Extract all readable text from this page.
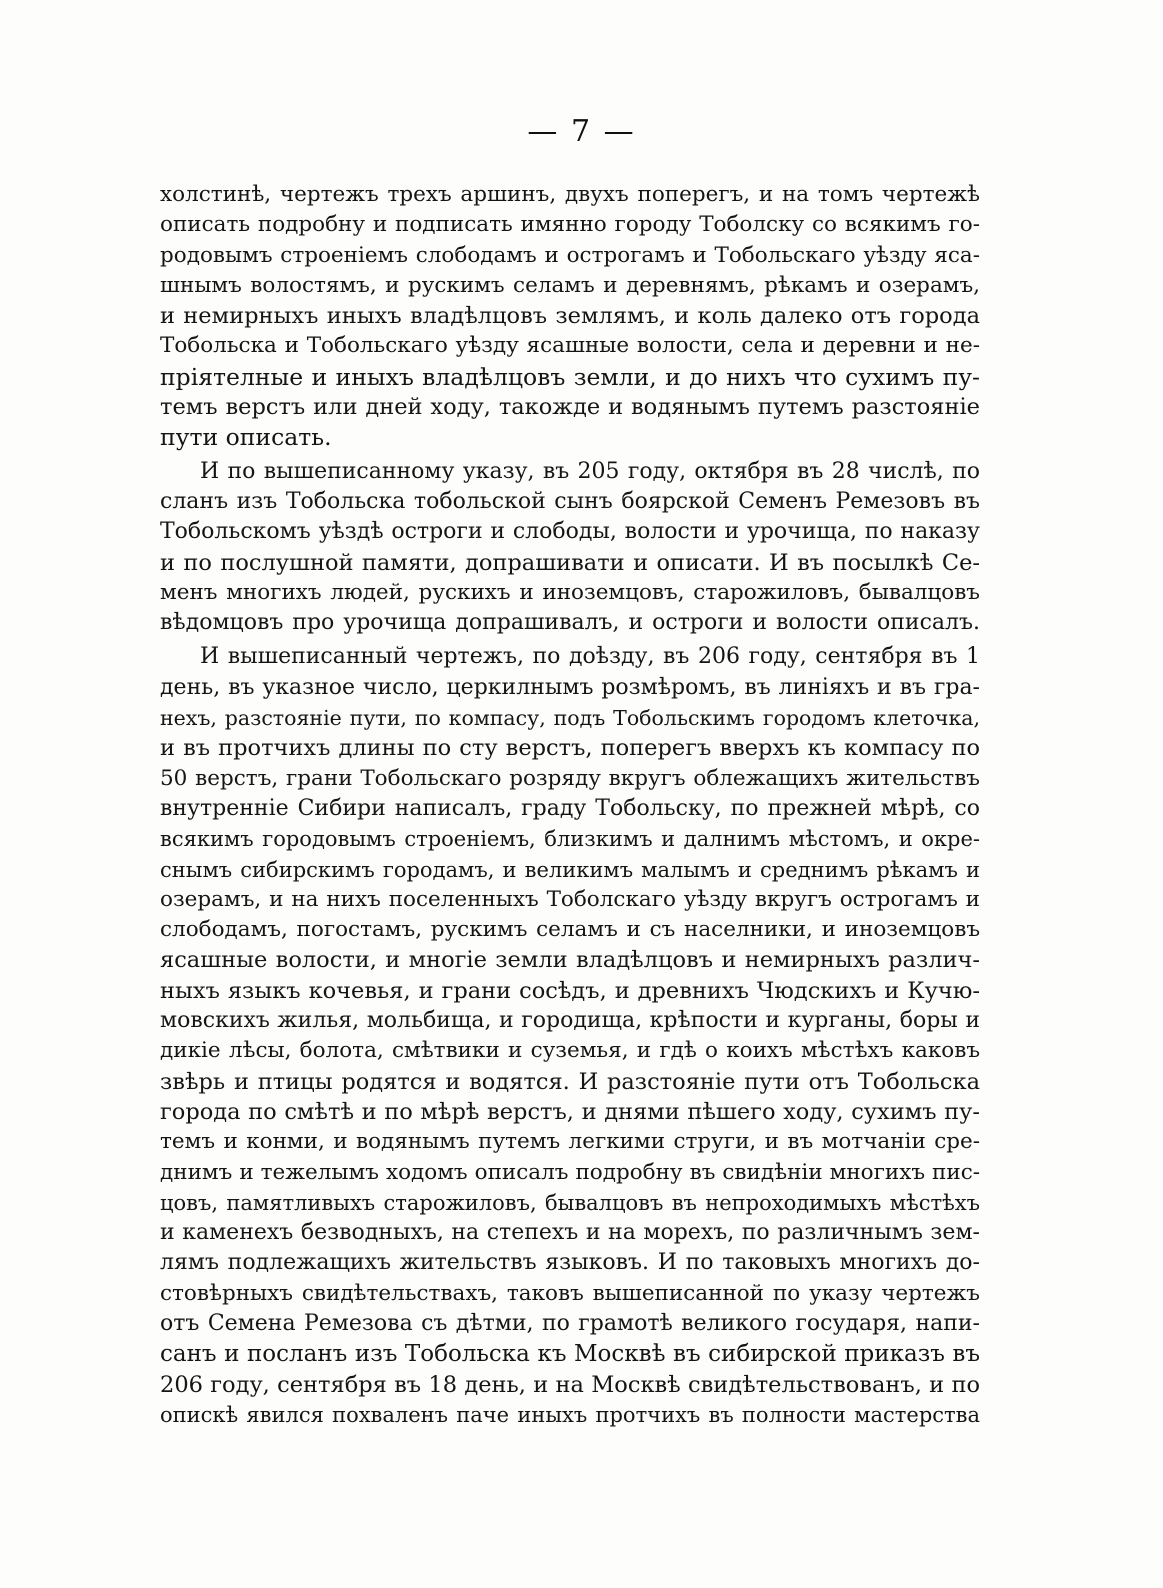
— 7 —
холстинѣ, чертежъ трехъ аршинъ, двухъ поперегъ, и на томъ чертежѣ
описать подробну и подписать имянно городу Тоболску со всякимъ го-
родовымъ строеніемъ слободамъ и острогамъ и Тобольскаго уѣзду яса-
шнымъ волостямъ, и рускимъ селамъ и деревнямъ, рѣкамъ и озерамъ,
и немирныхъ иныхъ владѣлцовъ землямъ, и коль далеко отъ города
Тобольска и Тобольскаго уѣзду ясашные волости, села и деревни и не-
пріятелные и иныхъ владѣлцовъ земли, и до нихъ что сухимъ пу-
темъ верстъ или дней ходу, такожде и водянымъ путемъ разстояніе
пути описать.
И по вышеписанному указу, въ 205 году, октября въ 28 числѣ, по
сланъ изъ Тобольска тобольской сынъ боярской Семенъ Ремезовъ въ
Тобольскомъ уѣздѣ остроги и слободы, волости и урочища, по наказу
и по послушной памяти, допрашивати и описати. И въ посылкѣ Се-
менъ многихъ людей, рускихъ и иноземцовъ, старожиловъ, бывалцовъ
вѣдомцовъ про урочища допрашивалъ, и остроги и волости описалъ.
И вышеписанный чертежъ, по доѣзду, въ 206 году, сентября въ 1
день, въ указное число, церкилнымъ розмѣромъ, въ линіяхъ и въ гра-
нехъ, разстояніе пути, по компасу, подъ Тобольскимъ городомъ клеточка,
и въ протчихъ длины по сту верстъ, поперегъ вверхъ къ компасу по
50 верстъ, грани Тобольскаго розряду вкругъ облежащихъ жительствъ
внутренніе Сибири написалъ, граду Тобольску, по прежней мѣрѣ, со
всякимъ городовымъ строеніемъ, близкимъ и далнимъ мѣстомъ, и окре-
снымъ сибирскимъ городамъ, и великимъ малымъ и среднимъ рѣкамъ и
озерамъ, и на нихъ поселенныхъ Тоболскаго уѣзду вкругъ острогамъ и
слободамъ, погостамъ, рускимъ селамъ и съ населники, и иноземцовъ
ясашные волости, и многіе земли владѣлцовъ и немирныхъ различ-
ныхъ языкъ кочевья, и грани сосѣдъ, и древнихъ Чюдскихъ и Кучю-
мовскихъ жилья, мольбища, и городища, крѣпости и курганы, боры и
дикіе лѣсы, болота, смѣтвики и суземья, и гдѣ о коихъ мѣстѣхъ каковъ
звѣрь и птицы родятся и водятся. И разстояніе пути отъ Тобольска
города по смѣтѣ и по мѣрѣ верстъ, и днями пѣшего ходу, сухимъ пу-
темъ и конми, и водянымъ путемъ легкими струги, и въ мотчаніи сре-
днимъ и тежелымъ ходомъ описалъ подробну въ свидѣніи многихъ пис-
цовъ, памятливыхъ старожиловъ, бывалцовъ въ непроходимыхъ мѣстѣхъ
и каменехъ безводныхъ, на степехъ и на морехъ, по различнымъ зем-
лямъ подлежащихъ жительствъ языковъ. И по таковыхъ многихъ до-
стовѣрныхъ свидѣтельствахъ, таковъ вышеписанной по указу чертежъ
отъ Семена Ремезова съ дѣтми, по грамотѣ великого государя, напи-
санъ и посланъ изъ Тобольска къ Москвѣ въ сибирской приказъ въ
206 году, сентября въ 18 день, и на Москвѣ свидѣтельствованъ, и по
опискѣ явился похваленъ паче иныхъ протчихъ въ полности мастерства
